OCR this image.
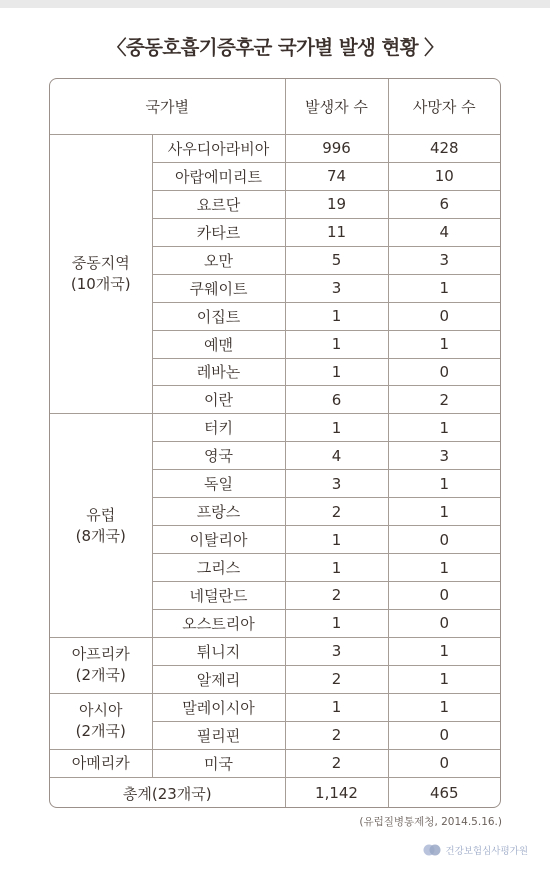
〈중동호흡기증후군 국가별 발생 현황 〉
국가별		발생자 수	사망자 수

중동지역
(10개국)	사우디아라비아	996	428
	아랍에미리트	74	10
	요르단	19	6
	카타르	11	4
	오만	5	3
	쿠웨이트	3	1
	이집트	1	0
	예맨	1	1
	레바논	1	0
	이란	6	2

유럽
(8개국)	터키	1	1
	영국	4	3
	독일	3	1
	프랑스	2	1
	이탈리아	1	0
	그리스	1	1
	네덜란드	2	0
	오스트리아	1	0

아프리카
(2개국)	튀니지	3	1
	알제리	2	1

아시아
(2개국)	말레이시아	1	1
	필리핀	2	0

아메리카	미국	2	0
총계(23개국)		1,142	465
(유럽질병통제청, 2014.5.16.)
건강보험심사평가원
